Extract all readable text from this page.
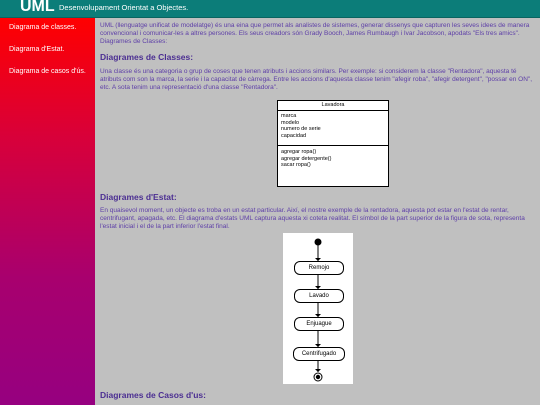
UML Desenvolupament Orientat a Objectes.
Diagrama de classes.
Diagrama d'Estat.
Diagrama de casos d'ús.

UML (llenguatge unificat de modelatge) és una eina que permet als analistes de sistemes, generar dissenys que capturen les seves idees de manera convencional i comunicar-les a altres persones. Els seus creadors són Grady Booch, James Rumbaugh i Ivar Jacobson, apodats "Els tres amics". Diagrames de Classes:

Diagrames de Classes:

Una classe és una categoria o grup de coses que tenen atributs i accions similars. Per exemple: si considerem la classe "Rentadora", aquesta té atributs com son la marca, la serie i la capacitat de càrrega. Entre les accions d'aquesta classe tenim "afegir roba", "afegir detergent", "possar en ON", etc. A sota tenim una representació d'una classe "Rentadora".

Lavadora
marca
modelo
numero de serie
capacidad
agregar ropa()
agregar detergente()
sacar ropa()
Diagrames d'Estat:

En quaisevol moment, un objecte es troba en un estat particular. Així, el nostre exemple de la rentadora, aquesta pot estar en l'estat de rentar, centrifugant, apagada, etc. El diagrama d'estats UML captura aquesta xi coteta realitat. El símbol de la part superior de la figura de sota, representa l'estat inicial i el de la part inferior l'estat final.

Remojo
Lavado
Enjuague
Centrifugado
Diagrames de Casos d'us:
